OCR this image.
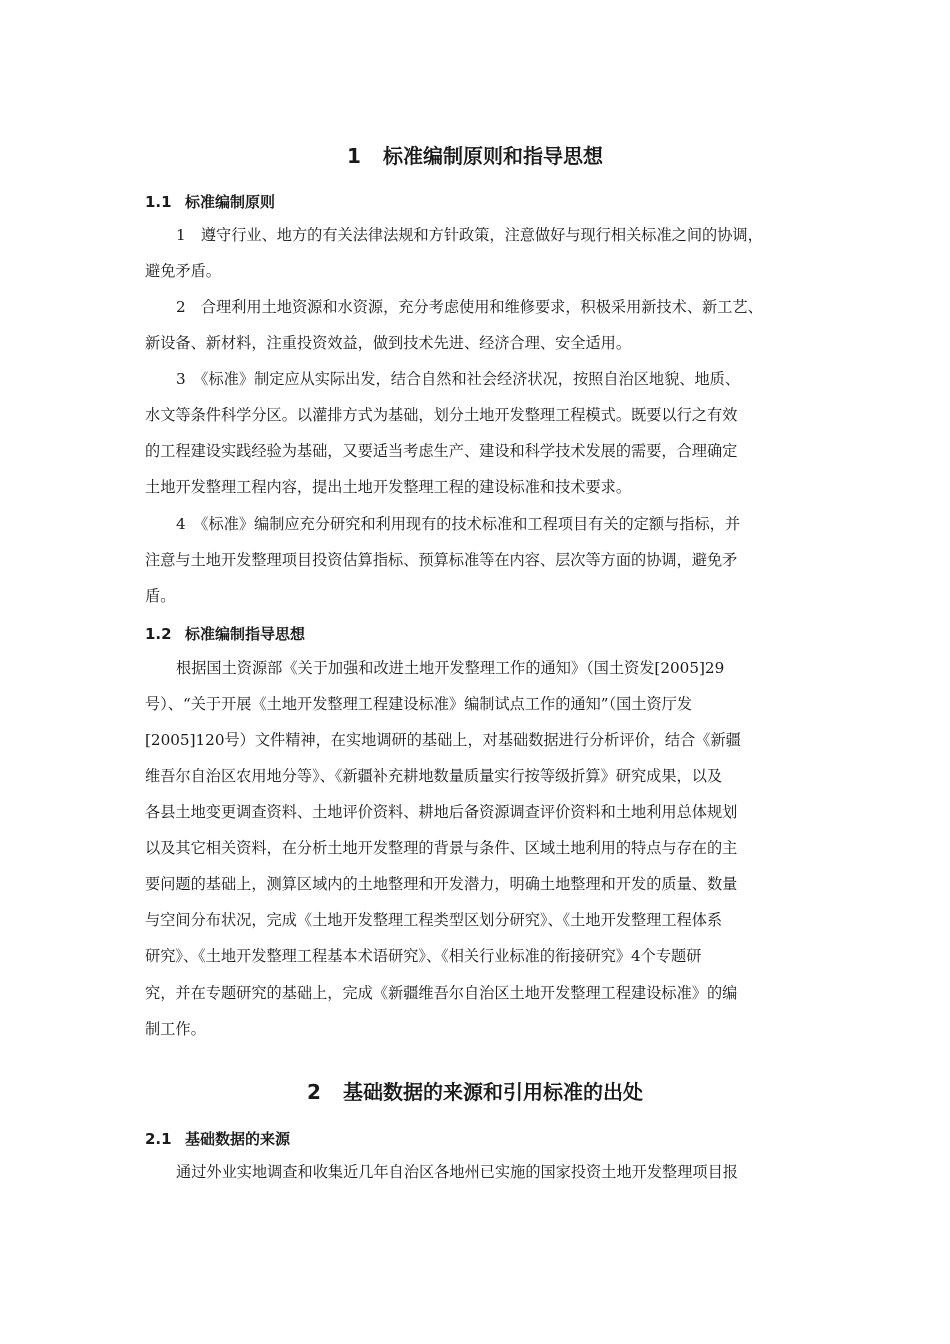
1 标准编制原则和指导思想
1.1 标准编制原则
1　遵守行业、地方的有关法律法规和方针政策，注意做好与现行相关标准之间的协调，
避免矛盾。
2　合理利用土地资源和水资源，充分考虑使用和维修要求，积极采用新技术、新工艺、
新设备、新材料，注重投资效益，做到技术先进、经济合理、安全适用。
3　《标准》制定应从实际出发，结合自然和社会经济状况，按照自治区地貌、地质、
水文等条件科学分区。以灌排方式为基础，划分土地开发整理工程模式。既要以行之有效
的工程建设实践经验为基础，又要适当考虑生产、建设和科学技术发展的需要，合理确定
土地开发整理工程内容，提出土地开发整理工程的建设标准和技术要求。
4　《标准》编制应充分研究和利用现有的技术标准和工程项目有关的定额与指标，并
注意与土地开发整理项目投资估算指标、预算标准等在内容、层次等方面的协调，避免矛
盾。
1.2 标准编制指导思想
根据国土资源部《关于加强和改进土地开发整理工作的通知》（国土资发[2005]29
号）、“关于开展《土地开发整理工程建设标准》编制试点工作的通知”（国土资厅发
[2005]120号）文件精神，在实地调研的基础上，对基础数据进行分析评价，结合《新疆
维吾尔自治区农用地分等》、《新疆补充耕地数量质量实行按等级折算》研究成果，以及
各县土地变更调查资料、土地评价资料、耕地后备资源调查评价资料和土地利用总体规划
以及其它相关资料，在分析土地开发整理的背景与条件、区域土地利用的特点与存在的主
要问题的基础上，测算区域内的土地整理和开发潜力，明确土地整理和开发的质量、数量
与空间分布状况，完成《土地开发整理工程类型区划分研究》、《土地开发整理工程体系
研究》、《土地开发整理工程基本术语研究》、《相关行业标准的衔接研究》4个专题研
究，并在专题研究的基础上，完成《新疆维吾尔自治区土地开发整理工程建设标准》的编
制工作。
2 基础数据的来源和引用标准的出处
2.1 基础数据的来源
通过外业实地调查和收集近几年自治区各地州已实施的国家投资土地开发整理项目报
